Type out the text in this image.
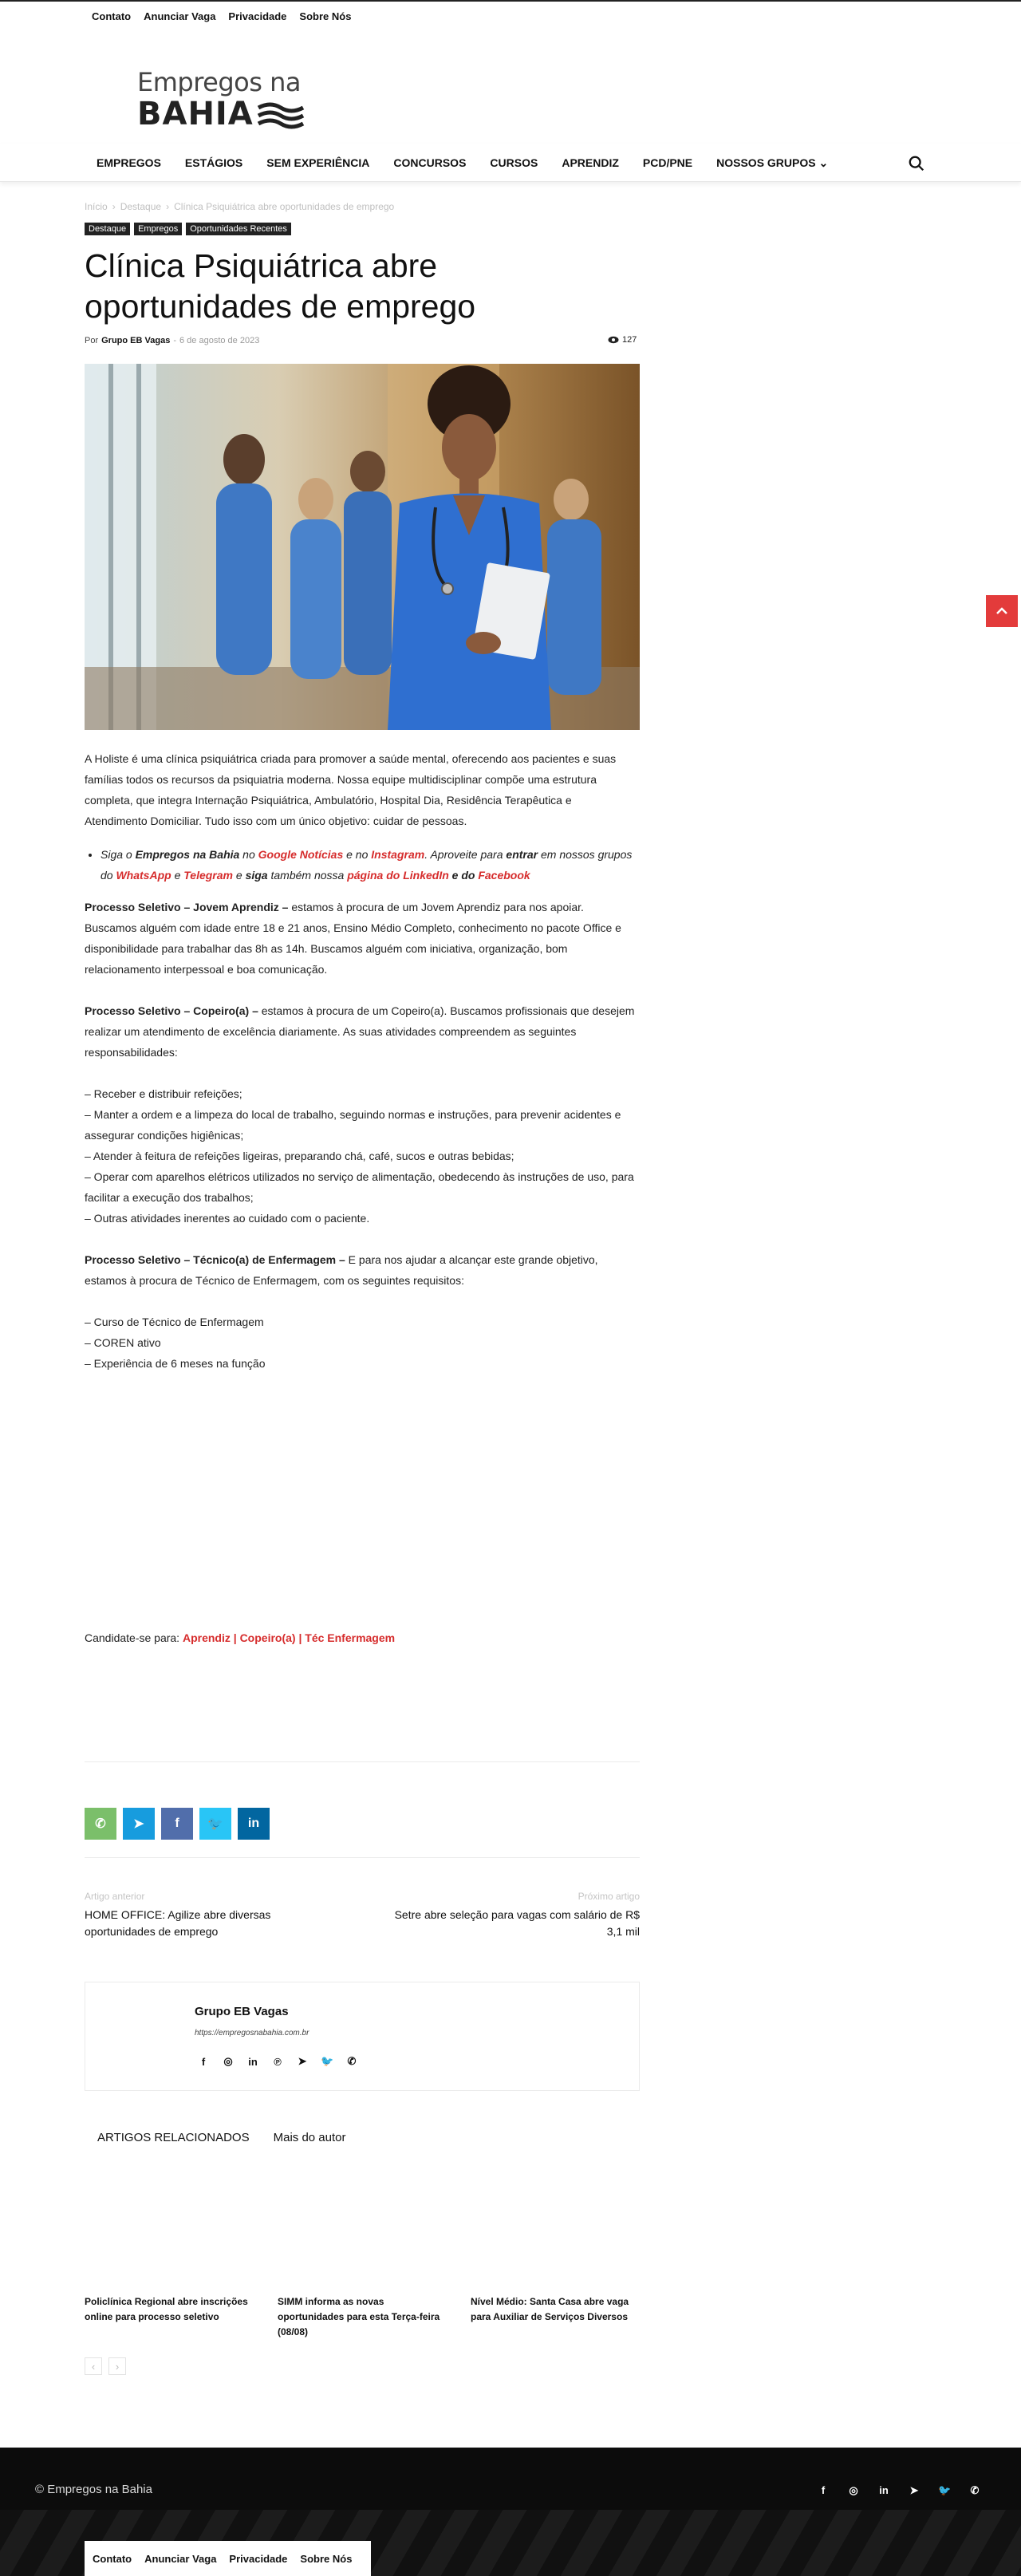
Contato Anunciar Vaga Privacidade Sobre Nós
Empregos na
BAHIA
EMPREGOS ESTÁGIOS SEM EXPERIÊNCIA CONCURSOS CURSOS APRENDIZ PCD/PNE NOSSOS GRUPOS ⌄
Início › Destaque › Clínica Psiquiátrica abre oportunidades de emprego
Destaque	Empregos	Oportunidades Recentes
Clínica Psiquiátrica abre oportunidades de emprego
Por Grupo EB Vagas - 6 de agosto de 2023	127

A Holiste é uma clínica psiquiátrica criada para promover a saúde mental, oferecendo aos pacientes e suas famílias todos os recursos da psiquiatria moderna. Nossa equipe multidisciplinar compõe uma estrutura completa, que integra Internação Psiquiátrica, Ambulatório, Hospital Dia, Residência Terapêutica e Atendimento Domiciliar. Tudo isso com um único objetivo: cuidar de pessoas.

• Siga o Empregos na Bahia no Google Notícias e no Instagram. Aproveite para entrar em nossos grupos do WhatsApp e Telegram e siga também nossa página do LinkedIn e do Facebook

Processo Seletivo – Jovem Aprendiz – estamos à procura de um Jovem Aprendiz para nos apoiar. Buscamos alguém com idade entre 18 e 21 anos, Ensino Médio Completo, conhecimento no pacote Office e disponibilidade para trabalhar das 8h as 14h. Buscamos alguém com iniciativa, organização, bom relacionamento interpessoal e boa comunicação.

Processo Seletivo – Copeiro(a) – estamos à procura de um Copeiro(a). Buscamos profissionais que desejem realizar um atendimento de excelência diariamente. As suas atividades compreendem as seguintes responsabilidades:

– Receber e distribuir refeições;

– Manter a ordem e a limpeza do local de trabalho, seguindo normas e instruções, para prevenir acidentes e

assegurar condições higiênicas;

– Atender à feitura de refeições ligeiras, preparando chá, café, sucos e outras bebidas;

– Operar com aparelhos elétricos utilizados no serviço de alimentação, obedecendo às instruções de uso, para

facilitar a execução dos trabalhos;

– Outras atividades inerentes ao cuidado com o paciente.

Processo Seletivo – Técnico(a) de Enfermagem – E para nos ajudar a alcançar este grande objetivo, estamos à procura de Técnico de Enfermagem, com os seguintes requisitos:

– Curso de Técnico de Enfermagem

– COREN ativo

– Experiência de 6 meses na função

Candidate-se para: Aprendiz | Copeiro(a) | Téc Enfermagem

✆ ➤ f 🐦 in
Artigo anterior
HOME OFFICE: Agilize abre diversas oportunidades de emprego
Próximo artigo
Setre abre seleção para vagas com salário de R$ 3,1 mil
Grupo EB Vagas
https://empregosnabahia.com.br
f	◎ in ℗ ➤ 🐦 ✆
ARTIGOS RELACIONADOS Mais do autor
Policlínica Regional abre inscrições online para processo seletivo
SIMM informa as novas oportunidades para esta Terça-feira (08/08)
Nível Médio: Santa Casa abre vaga para Auxiliar de Serviços Diversos
‹	›
© Empregos na Bahia	f	◎ in ➤ 🐦 ✆
Contato Anunciar Vaga Privacidade Sobre Nós
